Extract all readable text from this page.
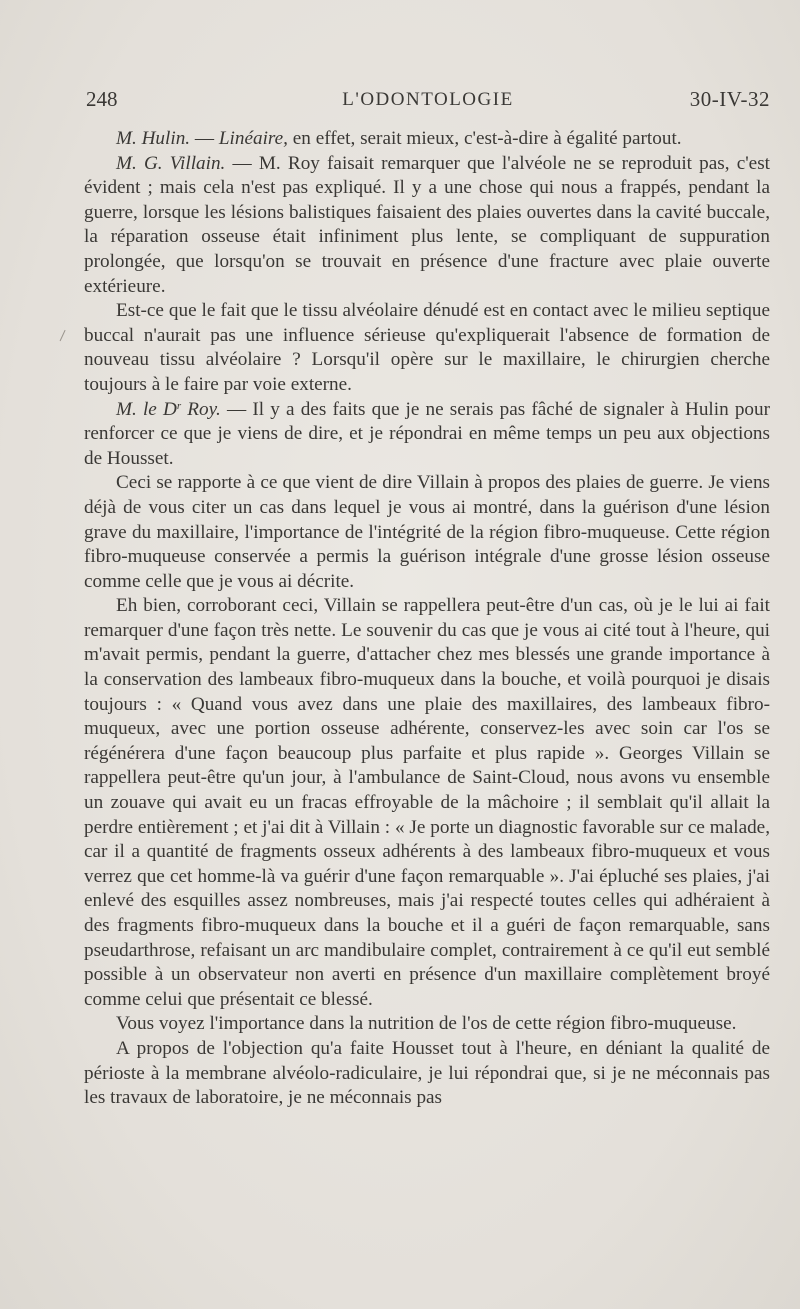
248	L'ODONTOLOGIE	30-IV-32

M. Hulin. — Linéaire, en effet, serait mieux, c'est-à-dire à égalité partout.

M. G. Villain. — M. Roy faisait remarquer que l'alvéole ne se reproduit pas, c'est évident ; mais cela n'est pas expliqué. Il y a une chose qui nous a frappés, pendant la guerre, lorsque les lésions balistiques faisaient des plaies ouvertes dans la cavité buccale, la réparation osseuse était infiniment plus lente, se compliquant de suppuration prolongée, que lorsqu'on se trouvait en présence d'une fracture avec plaie ouverte extérieure.

Est-ce que le fait que le tissu alvéolaire dénudé est en contact avec le milieu septique buccal n'aurait pas une influence sérieuse qu'expliquerait l'absence de formation de nouveau tissu alvéolaire ? Lorsqu'il opère sur le maxillaire, le chirurgien cherche toujours à le faire par voie externe.

M. le $D^r$ Roy. — Il y a des faits que je ne serais pas fâché de signaler à Hulin pour renforcer ce que je viens de dire, et je répondrai en même temps un peu aux objections de Housset.

Ceci se rapporte à ce que vient de dire Villain à propos des plaies de guerre. Je viens déjà de vous citer un cas dans lequel je vous ai montré, dans la guérison d'une lésion grave du maxillaire, l'importance de l'intégrité de la région fibro-muqueuse. Cette région fibro-muqueuse conservée a permis la guérison intégrale d'une grosse lésion osseuse comme celle que je vous ai décrite.

Eh bien, corroborant ceci, Villain se rappellera peut-être d'un cas, où je le lui ai fait remarquer d'une façon très nette. Le souvenir du cas que je vous ai cité tout à l'heure, qui m'avait permis, pendant la guerre, d'attacher chez mes blessés une grande importance à la conservation des lambeaux fibro-muqueux dans la bouche, et voilà pourquoi je disais toujours : « Quand vous avez dans une plaie des maxillaires, des lambeaux fibro-muqueux, avec une portion osseuse adhérente, conservez-les avec soin car l'os se régénérera d'une façon beaucoup plus parfaite et plus rapide ». Georges Villain se rappellera peut-être qu'un jour, à l'ambulance de Saint-Cloud, nous avons vu ensemble un zouave qui avait eu un fracas effroyable de la mâchoire ; il semblait qu'il allait la perdre entièrement ; et j'ai dit à Villain : « Je porte un diagnostic favorable sur ce malade, car il a quantité de fragments osseux adhérents à des lambeaux fibro-muqueux et vous verrez que cet homme-là va guérir d'une façon remarquable ». J'ai épluché ses plaies, j'ai enlevé des esquilles assez nombreuses, mais j'ai respecté toutes celles qui adhéraient à des fragments fibro-muqueux dans la bouche et il a guéri de façon remarquable, sans pseudarthrose, refaisant un arc mandibulaire complet, contrairement à ce qu'il eut semblé possible à un observateur non averti en présence d'un maxillaire complètement broyé comme celui que présentait ce blessé.

Vous voyez l'importance dans la nutrition de l'os de cette région fibro-muqueuse.

A propos de l'objection qu'a faite Housset tout à l'heure, en déniant la qualité de périoste à la membrane alvéolo-radiculaire, je lui répondrai que, si je ne méconnais pas les travaux de laboratoire, je ne méconnais pas
